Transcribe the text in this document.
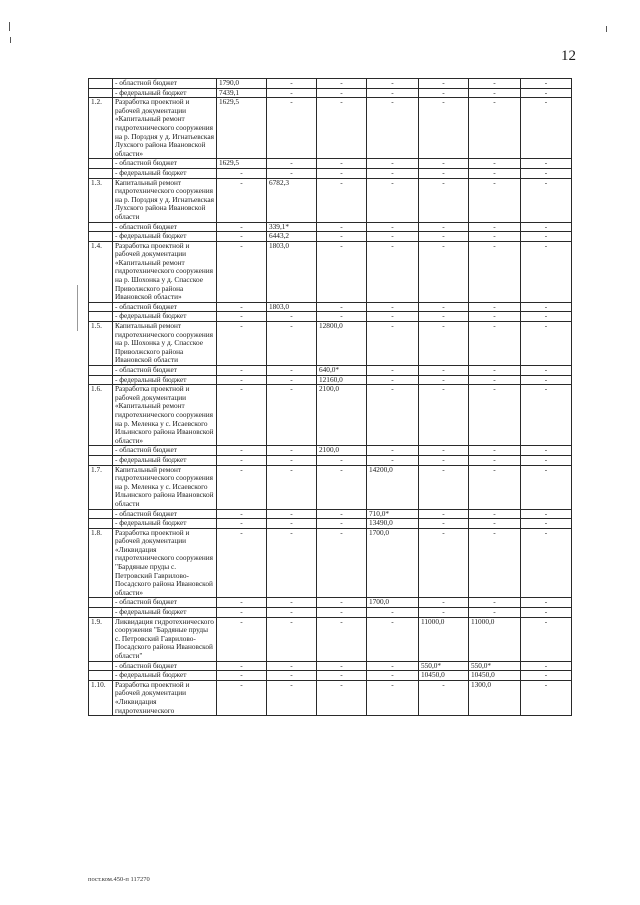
12
	- областной бюджет	1790,0	-	-	-	-	-	-
	- федеральный бюджет	7439,1	-	-	-	-	-	-
1.2.	Разработка проектной и рабочей документации «Капитальный ремонт гидротехнического сооружения на р. Порздня у д. Игнатьевская Лухского района Ивановской области»	1629,5	-	-	-	-	-	-
	- областной бюджет	1629,5	-	-	-	-	-	-
	- федеральный бюджет	-	-	-	-	-	-	-
1.3.	Капитальный ремонт гидротехнического сооружения на р. Порздня у д. Игнатьевская Лухского района Ивановской области	-	6782,3	-	-	-	-	-
	- областной бюджет	-	339,1*	-	-	-	-	-
	- федеральный бюджет	-	6443,2	-	-	-	-	-
1.4.	Разработка проектной и рабочей документации «Капитальный ремонт гидротехнического сооружения на р. Шохонка у д. Спасское Приволжского района Ивановской области»	-	1803,0	-	-	-	-	-
	- областной бюджет	-	1803,0	-	-	-	-	-
	- федеральный бюджет	-	-	-	-	-	-	-
1.5.	Капитальный ремонт гидротехнического сооружения на р. Шохонка у д. Спасское Приволжского района Ивановской области	-	-	12800,0	-	-	-	-
	- областной бюджет	-	-	640,0*	-	-	-	-
	- федеральный бюджет	-	-	12160,0	-	-	-	-
1.6.	Разработка проектной и рабочей документации «Капитальный ремонт гидротехнического сооружения на р. Меленка у с. Исаевского Ильинского района Ивановской области»	-	-	2100,0	-	-	-	-
	- областной бюджет	-	-	2100,0	-	-	-	-
	- федеральный бюджет	-	-	-	-	-	-	-
1.7.	Капитальный ремонт гидротехнического сооружения на р. Меленка у с. Исаевского Ильинского района Ивановской области	-	-	-	14200,0	-	-	-
	- областной бюджет	-	-	-	710,0*	-	-	-
	- федеральный бюджет	-	-	-	13490,0	-	-	-
1.8.	Разработка проектной и рабочей документации «Ликвидация гидротехнического сооружения "Бардяные пруды с. Петровский Гаврилово-Посадского района Ивановской области»	-	-	-	1700,0	-	-	-
	- областной бюджет	-	-	-	1700,0	-	-	-
	- федеральный бюджет	-	-	-	-	-	-	-
1.9.	Ликвидация гидротехнического сооружения "Бардяные пруды с. Петровский Гаврилово-Посадского района Ивановской области"	-	-	-	-	11000,0	11000,0	-
	- областной бюджет	-	-	-	-	550,0*	550,0*	-
	- федеральный бюджет	-	-	-	-	10450,0	10450,0	-
1.10.	Разработка проектной и рабочей документации «Ликвидация гидротехнического	-	-	-	-	-	1300,0	-
пост.ком.450-п 117270
